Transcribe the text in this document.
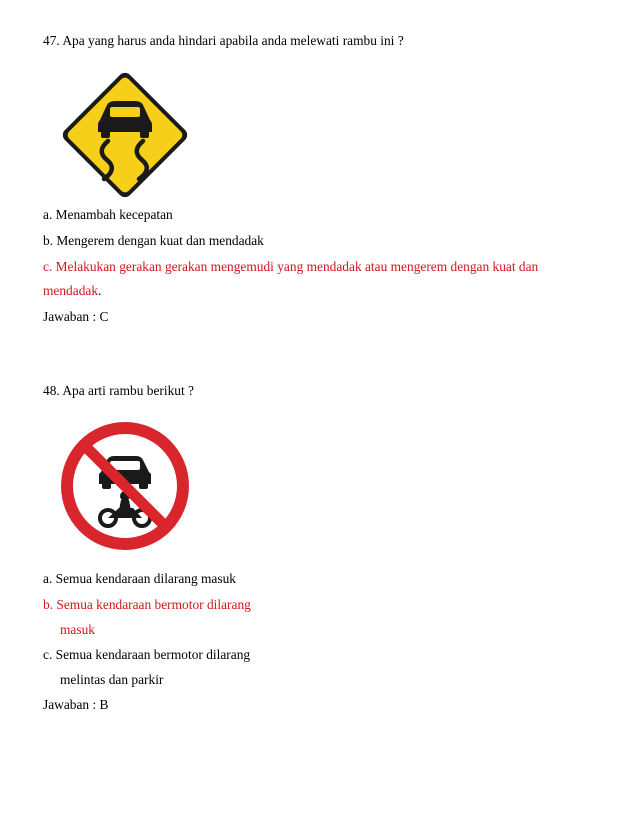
47. Apa yang harus anda hindari apabila anda melewati rambu ini ?
a. Menambah kecepatan
b. Mengerem dengan kuat dan mendadak
c. Melakukan gerakan gerakan mengemudi yang mendadak atau mengerem dengan kuat dan
mendadak.
Jawaban : C
48. Apa arti rambu berikut ?
a. Semua kendaraan dilarang masuk
b. Semua kendaraan bermotor dilarang
masuk
c. Semua kendaraan bermotor dilarang
melintas dan parkir
Jawaban : B
